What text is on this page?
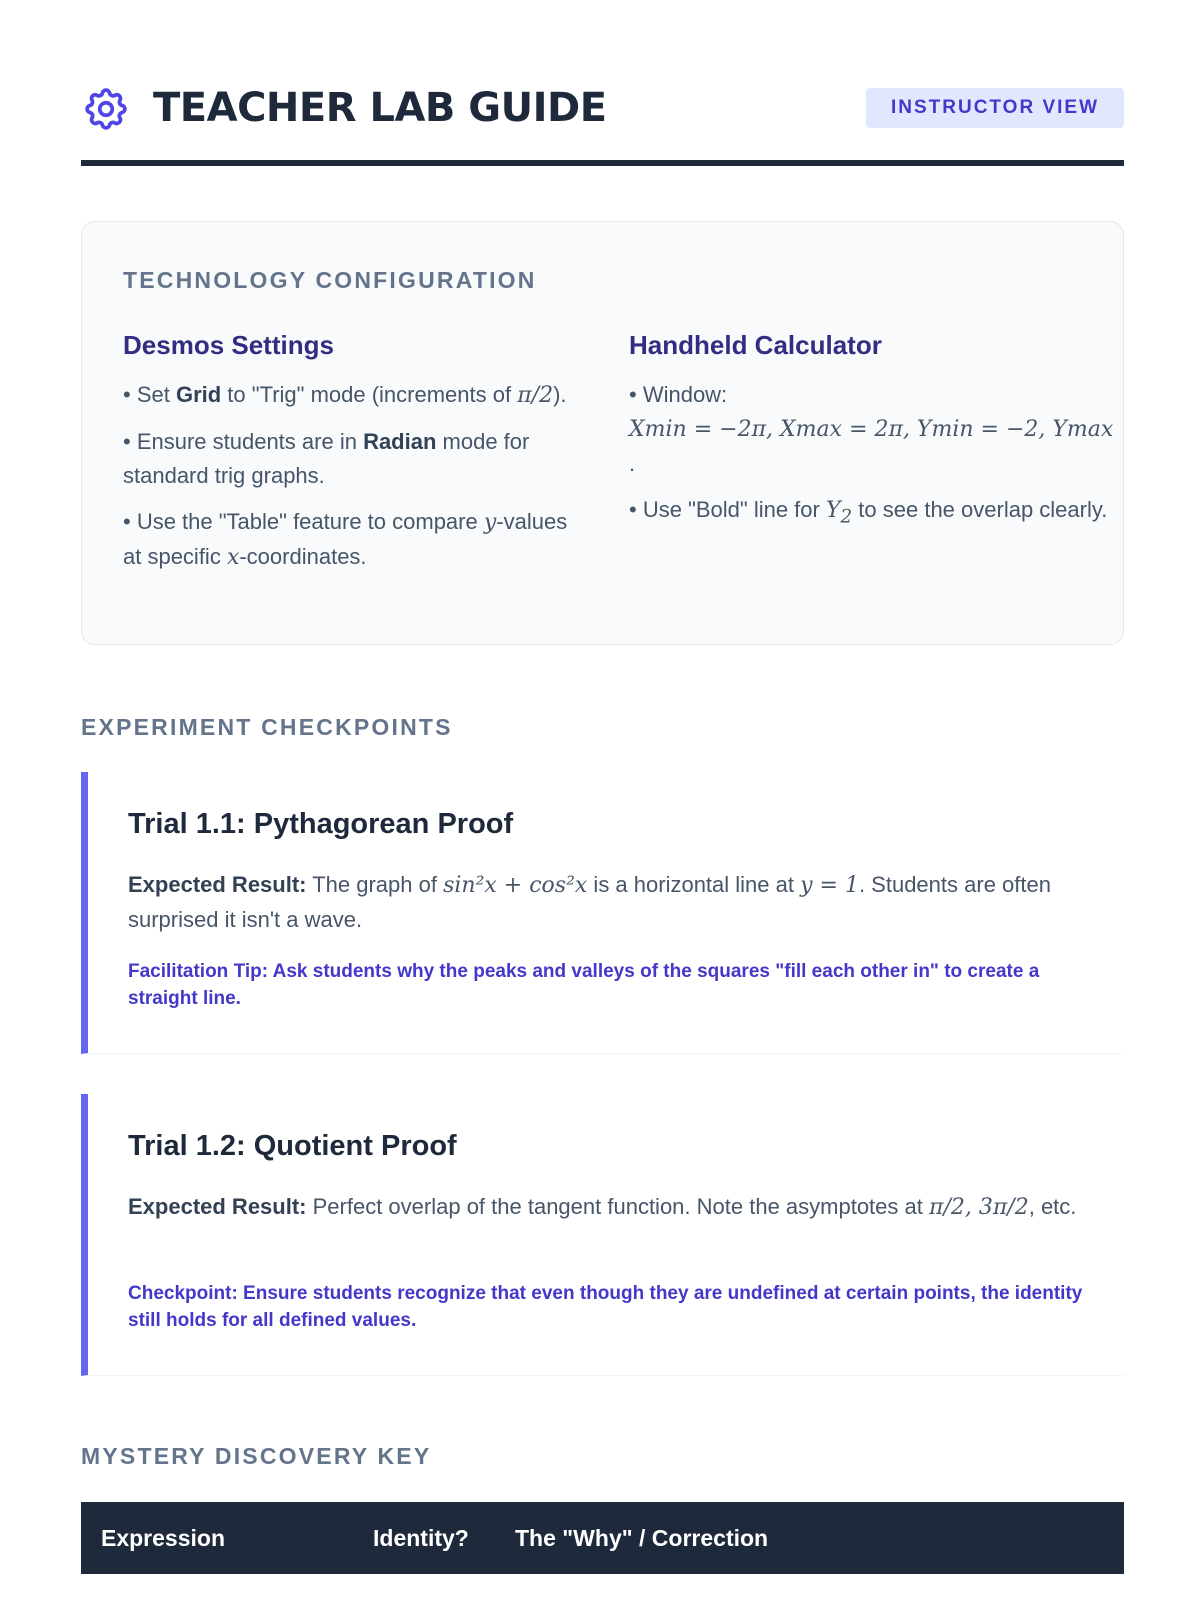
TEACHER LAB GUIDE	INSTRUCTOR VIEW
TECHNOLOGY CONFIGURATION
Desmos Settings

• Set Grid to "Trig" mode (increments of π/2).

• Ensure students are in Radian mode for standard trig graphs.

• Use the "Table" feature to compare y-values at specific x-coordinates.

Handheld Calculator

• Window:
Xmin = −2π, Xmax = 2π, Ymin = −2, Ymax
.

• Use "Bold" line for $Y_2$ to see the overlap clearly.

EXPERIMENT CHECKPOINTS
Trial 1.1: Pythagorean Proof

Expected Result: The graph of sin²x + cos²x is a horizontal line at y = 1. Students are often surprised it isn't a wave.

Facilitation Tip: Ask students why the peaks and valleys of the squares "fill each other in" to create a straight line.

Trial 1.2: Quotient Proof

Expected Result: Perfect overlap of the tangent function. Note the asymptotes at π/2, 3π/2, etc.

Checkpoint: Ensure students recognize that even though they are undefined at certain points, the identity still holds for all defined values.

MYSTERY DISCOVERY KEY
Expression	Identity? The "Why" / Correction
